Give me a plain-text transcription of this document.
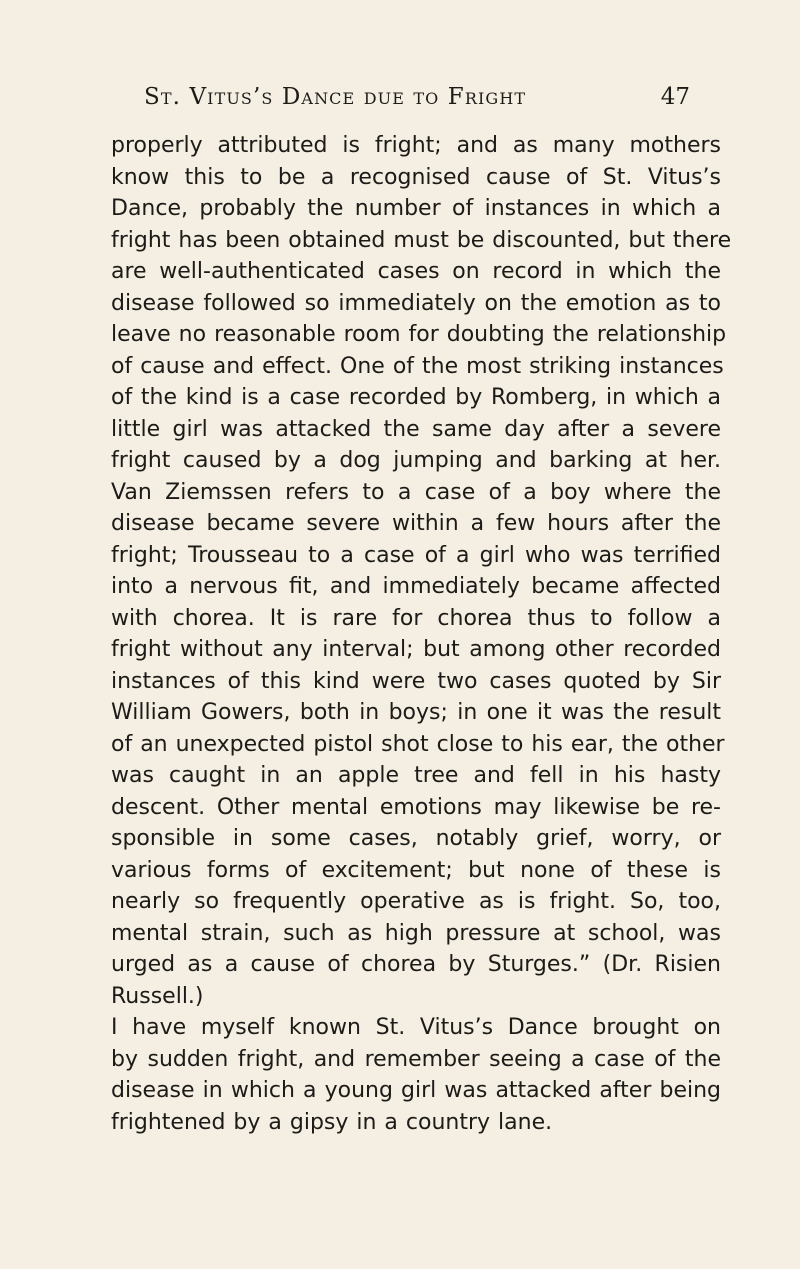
St. Vitus’s Dance due to Fright	47
properly attributed is fright; and as many mothers
know this to be a recognised cause of St. Vitus’s
Dance, probably the number of instances in which a
fright has been obtained must be discounted, but there
are well-authenticated cases on record in which the
disease followed so immediately on the emotion as to
leave no reasonable room for doubting the relationship
of cause and effect. One of the most striking instances
of the kind is a case recorded by Romberg, in which a
little girl was attacked the same day after a severe
fright caused by a dog jumping and barking at her.
Van Ziemssen refers to a case of a boy where the
disease became severe within a few hours after the
fright; Trousseau to a case of a girl who was terrified
into a nervous fit, and immediately became affected
with chorea. It is rare for chorea thus to follow a
fright without any interval; but among other recorded
instances of this kind were two cases quoted by Sir
William Gowers, both in boys; in one it was the result
of an unexpected pistol shot close to his ear, the other
was caught in an apple tree and fell in his hasty
descent. Other mental emotions may likewise be re-
sponsible in some cases, notably grief, worry, or
various forms of excitement; but none of these is
nearly so frequently operative as is fright. So, too,
mental strain, such as high pressure at school, was
urged as a cause of chorea by Sturges.” (Dr. Risien
Russell.)
I have myself known St. Vitus’s Dance brought on
by sudden fright, and remember seeing a case of the
disease in which a young girl was attacked after being
frightened by a gipsy in a country lane.
